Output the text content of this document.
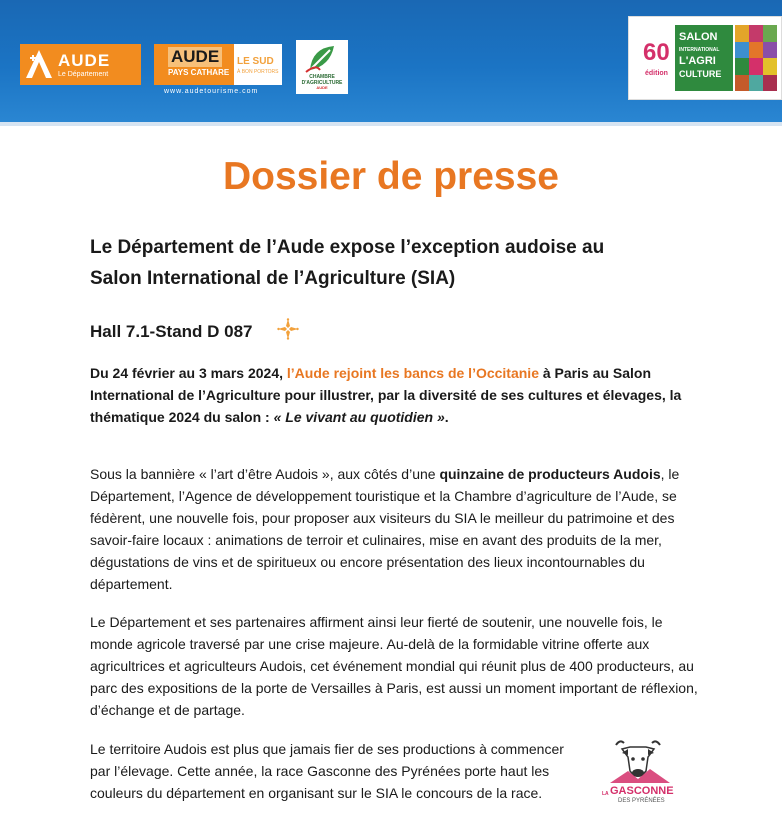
AUDE
Le Département
AUDE
PAYS CATHARE
LE SUD
À BON PORTORS
www.audetourisme.com
CHAMBRE
D'AGRICULTURE
AUDE
60
édition
SALON
INTERNATIONAL
L'AGRI
CULTURE
Dossier de presse
Le Département de l’Aude expose l’exception audoise au
Salon International de l’Agriculture (SIA)
Hall 7.1-Stand D 087
Du 24 février au 3 mars 2024, l’Aude rejoint les bancs de l’Occitanie à Paris au Salon International de l’Agriculture pour illustrer, par la diversité de ses cultures et élevages, la thématique 2024 du salon : « Le vivant au quotidien ».
Sous la bannière « l’art d’être Audois », aux côtés d’une quinzaine de producteurs Audois, le Département, l’Agence de développement touristique et la Chambre d’agriculture de l’Aude, se fédèrent, une nouvelle fois, pour proposer aux visiteurs du SIA le meilleur du patrimoine et des savoir-faire locaux : animations de terroir et culinaires, mise en avant des produits de la mer, dégustations de vins et de spiritueux ou encore présentation des lieux incontournables du département.
Le Département et ses partenaires affirment ainsi leur fierté de soutenir, une nouvelle fois, le monde agricole traversé par une crise majeure. Au-delà de la formidable vitrine offerte aux agricultrices et agriculteurs Audois, cet événement mondial qui réunit plus de 400 producteurs, au parc des expositions de la porte de Versailles à Paris, est aussi un moment important de réflexion, d’échange et de partage.
Le territoire Audois est plus que jamais fier de ses productions à commencer par l’élevage. Cette année, la race Gasconne des Pyrénées porte haut les couleurs du département en organisant sur le SIA le concours de la race.	LA GASCONNE
DES PYRÉNÉES
